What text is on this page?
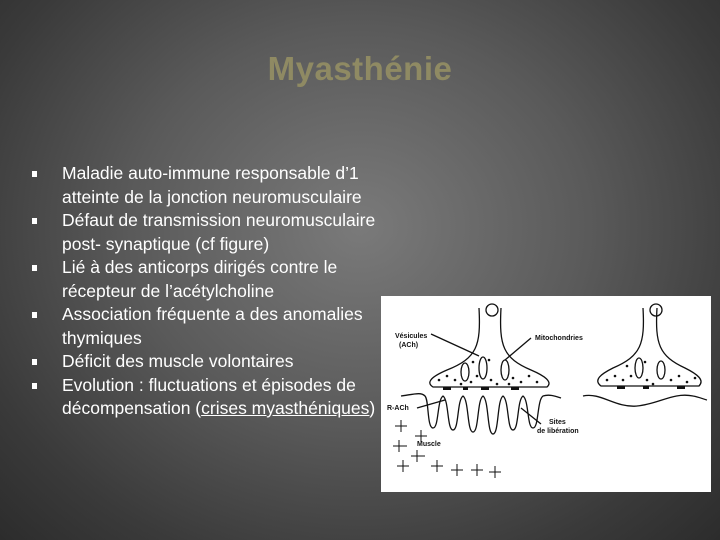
Myasthénie
Maladie auto-immune responsable d’1 atteinte de la jonction neuromusculaire
Défaut de transmission neuromusculaire post- synaptique (cf figure)
Lié à des anticorps dirigés contre le récepteur de l’acétylcholine
Association fréquente a des anomalies thymiques
Déficit des muscle volontaires
Evolution : fluctuations et épisodes de décompensation (crises myasthéniques)
Vésicules
(ACh)
Mitochondries
R-ACh
Muscle
Sites
de libération
